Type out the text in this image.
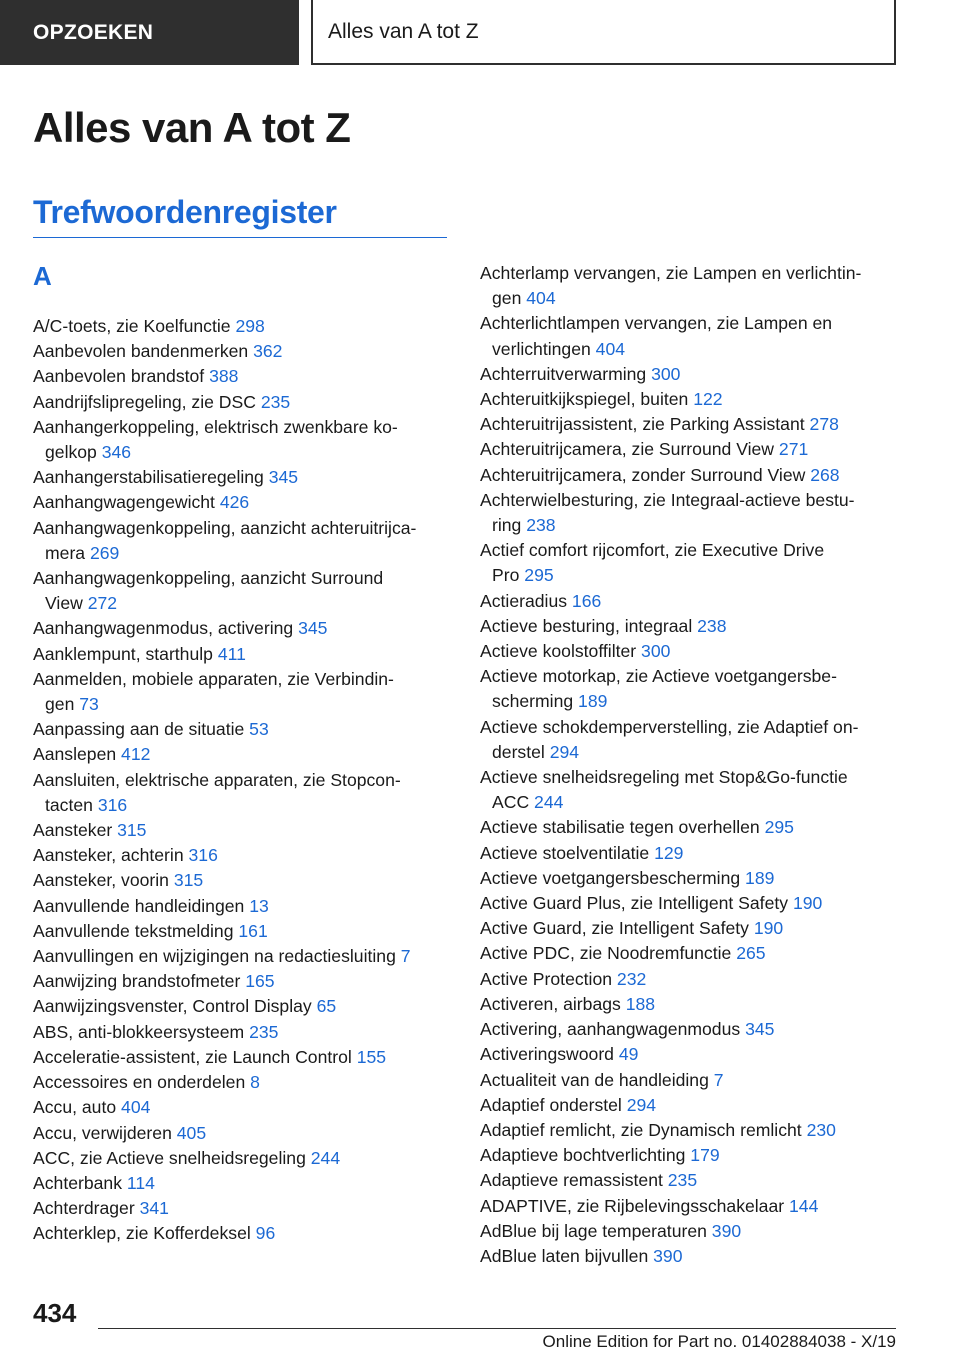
OPZOEKEN	Alles van A tot Z
Alles van A tot Z
Trefwoordenregister
A

A/C-toets, zie Koelfunctie 298

Aanbevolen bandenmerken 362

Aanbevolen brandstof 388

Aandrijfslipregeling, zie DSC 235

Aanhangerkoppeling, elektrisch zwenkbare ko-
gelkop 346

Aanhangerstabilisatieregeling 345

Aanhangwagengewicht 426

Aanhangwagenkoppeling, aanzicht achteruitrijca-
mera 269

Aanhangwagenkoppeling, aanzicht Surround
View 272

Aanhangwagenmodus, activering 345

Aanklempunt, starthulp 411

Aanmelden, mobiele apparaten, zie Verbindin-
gen 73

Aanpassing aan de situatie 53

Aanslepen 412

Aansluiten, elektrische apparaten, zie Stopcon-
tacten 316

Aansteker 315

Aansteker, achterin 316

Aansteker, voorin 315

Aanvullende handleidingen 13

Aanvullende tekstmelding 161

Aanvullingen en wijzigingen na redactiesluiting 7

Aanwijzing brandstofmeter 165

Aanwijzingsvenster, Control Display 65

ABS, anti-blokkeersysteem 235

Acceleratie-assistent, zie Launch Control 155

Accessoires en onderdelen 8

Accu, auto 404

Accu, verwijderen 405

ACC, zie Actieve snelheidsregeling 244

Achterbank 114

Achterdrager 341

Achterklep, zie Kofferdeksel 96

Achterlamp vervangen, zie Lampen en verlichtin-
gen 404

Achterlichtlampen vervangen, zie Lampen en
verlichtingen 404

Achterruitverwarming 300

Achteruitkijkspiegel, buiten 122

Achteruitrijassistent, zie Parking Assistant 278

Achteruitrijcamera, zie Surround View 271

Achteruitrijcamera, zonder Surround View 268

Achterwielbesturing, zie Integraal-actieve bestu-
ring 238

Actief comfort rijcomfort, zie Executive Drive
Pro 295

Actieradius 166

Actieve besturing, integraal 238

Actieve koolstoffilter 300

Actieve motorkap, zie Actieve voetgangersbe-
scherming 189

Actieve schokdemperverstelling, zie Adaptief on-
derstel 294

Actieve snelheidsregeling met Stop&Go-functie
ACC 244

Actieve stabilisatie tegen overhellen 295

Actieve stoelventilatie 129

Actieve voetgangersbescherming 189

Active Guard Plus, zie Intelligent Safety 190

Active Guard, zie Intelligent Safety 190

Active PDC, zie Noodremfunctie 265

Active Protection 232

Activeren, airbags 188

Activering, aanhangwagenmodus 345

Activeringswoord 49

Actualiteit van de handleiding 7

Adaptief onderstel 294

Adaptief remlicht, zie Dynamisch remlicht 230

Adaptieve bochtverlichting 179

Adaptieve remassistent 235

ADAPTIVE, zie Rijbelevingsschakelaar 144

AdBlue bij lage temperaturen 390

AdBlue laten bijvullen 390

434
Online Edition for Part no. 01402884038 - X/19
